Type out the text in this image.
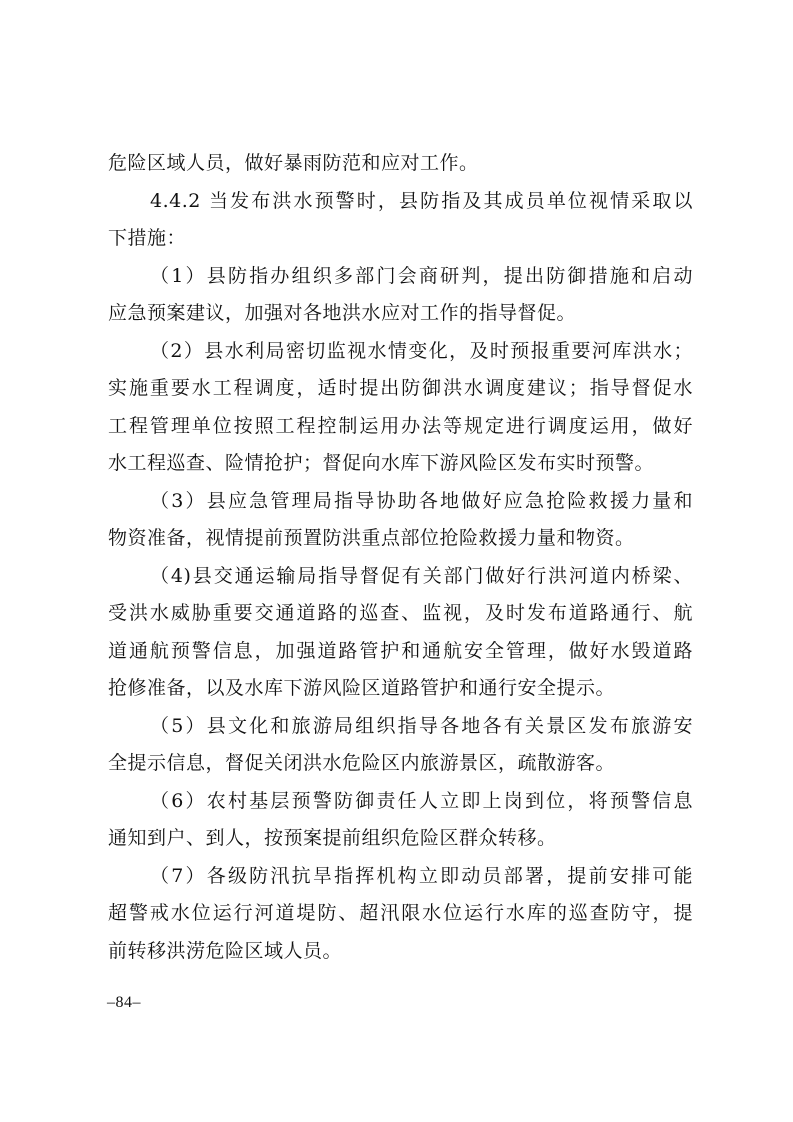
危险区域人员，做好暴雨防范和应对工作。
4.4.2 当发布洪水预警时，县防指及其成员单位视情采取以
下措施：
（1）县防指办组织多部门会商研判，提出防御措施和启动
应急预案建议，加强对各地洪水应对工作的指导督促。
（2）县水利局密切监视水情变化，及时预报重要河库洪水；
实施重要水工程调度，适时提出防御洪水调度建议；指导督促水
工程管理单位按照工程控制运用办法等规定进行调度运用，做好
水工程巡查、险情抢护；督促向水库下游风险区发布实时预警。
（3）县应急管理局指导协助各地做好应急抢险救援力量和
物资准备，视情提前预置防洪重点部位抢险救援力量和物资。
（4)县交通运输局指导督促有关部门做好行洪河道内桥梁、
受洪水威胁重要交通道路的巡查、监视，及时发布道路通行、航
道通航预警信息，加强道路管护和通航安全管理，做好水毁道路
抢修准备，以及水库下游风险区道路管护和通行安全提示。
（5）县文化和旅游局组织指导各地各有关景区发布旅游安
全提示信息，督促关闭洪水危险区内旅游景区，疏散游客。
（6）农村基层预警防御责任人立即上岗到位，将预警信息
通知到户、到人，按预案提前组织危险区群众转移。
（7）各级防汛抗旱指挥机构立即动员部署，提前安排可能
超警戒水位运行河道堤防、超汛限水位运行水库的巡查防守，提
前转移洪涝危险区域人员。
–84–
